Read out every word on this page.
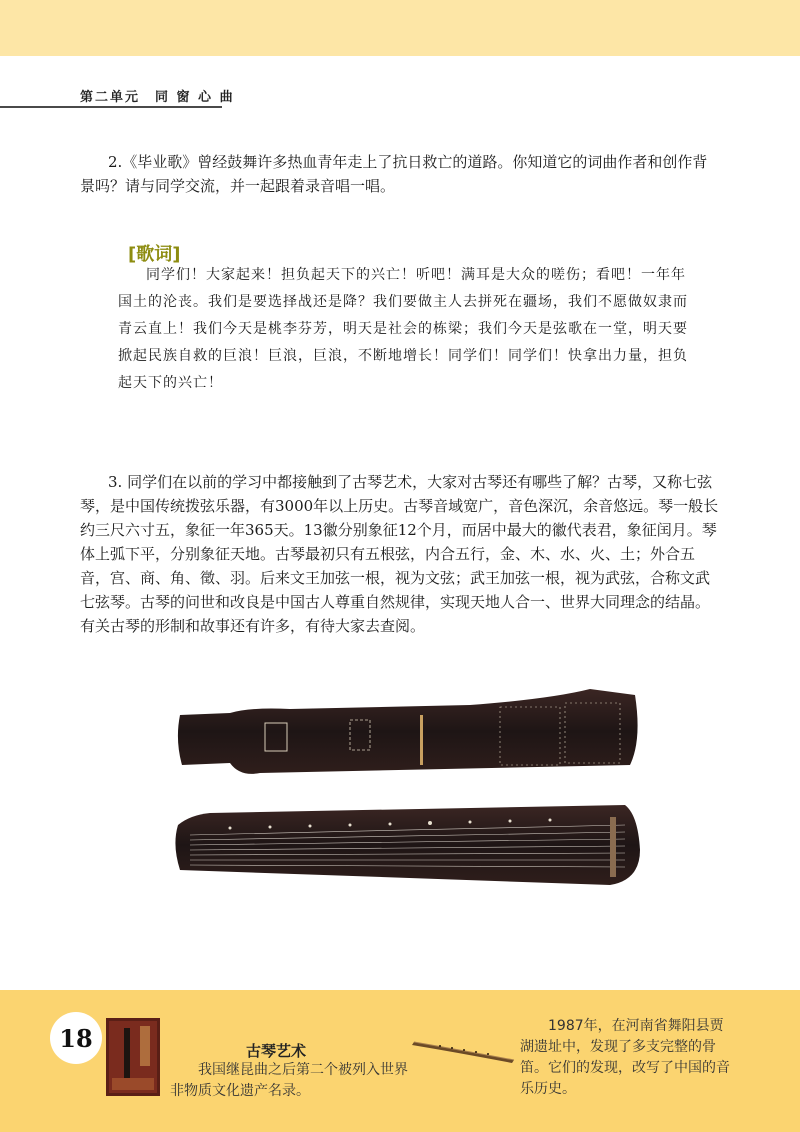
第二单元　同 窗 心 曲

2.《毕业歌》曾经鼓舞许多热血青年走上了抗日救亡的道路。你知道它的词曲作者和创作背景吗？请与同学交流，并一起跟着录音唱一唱。

[歌词]

同学们！大家起来！担负起天下的兴亡！听吧！满耳是大众的嗟伤；看吧！一年年国土的沦丧。我们是要选择战还是降？我们要做主人去拼死在疆场，我们不愿做奴隶而青云直上！我们今天是桃李芬芳，明天是社会的栋梁；我们今天是弦歌在一堂，明天要掀起民族自救的巨浪！巨浪，巨浪，不断地增长！同学们！同学们！快拿出力量，担负起天下的兴亡！

3. 同学们在以前的学习中都接触到了古琴艺术，大家对古琴还有哪些了解？古琴，又称七弦琴，是中国传统拨弦乐器，有3000年以上历史。古琴音域宽广，音色深沉，余音悠远。琴一般长约三尺六寸五，象征一年365天。13徽分别象征12个月，而居中最大的徽代表君，象征闰月。琴体上弧下平，分别象征天地。古琴最初只有五根弦，内合五行，金、木、水、火、土；外合五音，宫、商、角、徵、羽。后来文王加弦一根，视为文弦；武王加弦一根，视为武弦，合称文武七弦琴。古琴的问世和改良是中国古人尊重自然规律，实现天地人合一、世界大同理念的结晶。有关古琴的形制和故事还有许多，有待大家去查阅。

18	古琴艺术

我国继昆曲之后第二个被列入世界非物质文化遗产名录。

1987年，在河南省舞阳县贾湖遗址中，发现了多支完整的骨笛。它们的发现，改写了中国的音乐历史。
